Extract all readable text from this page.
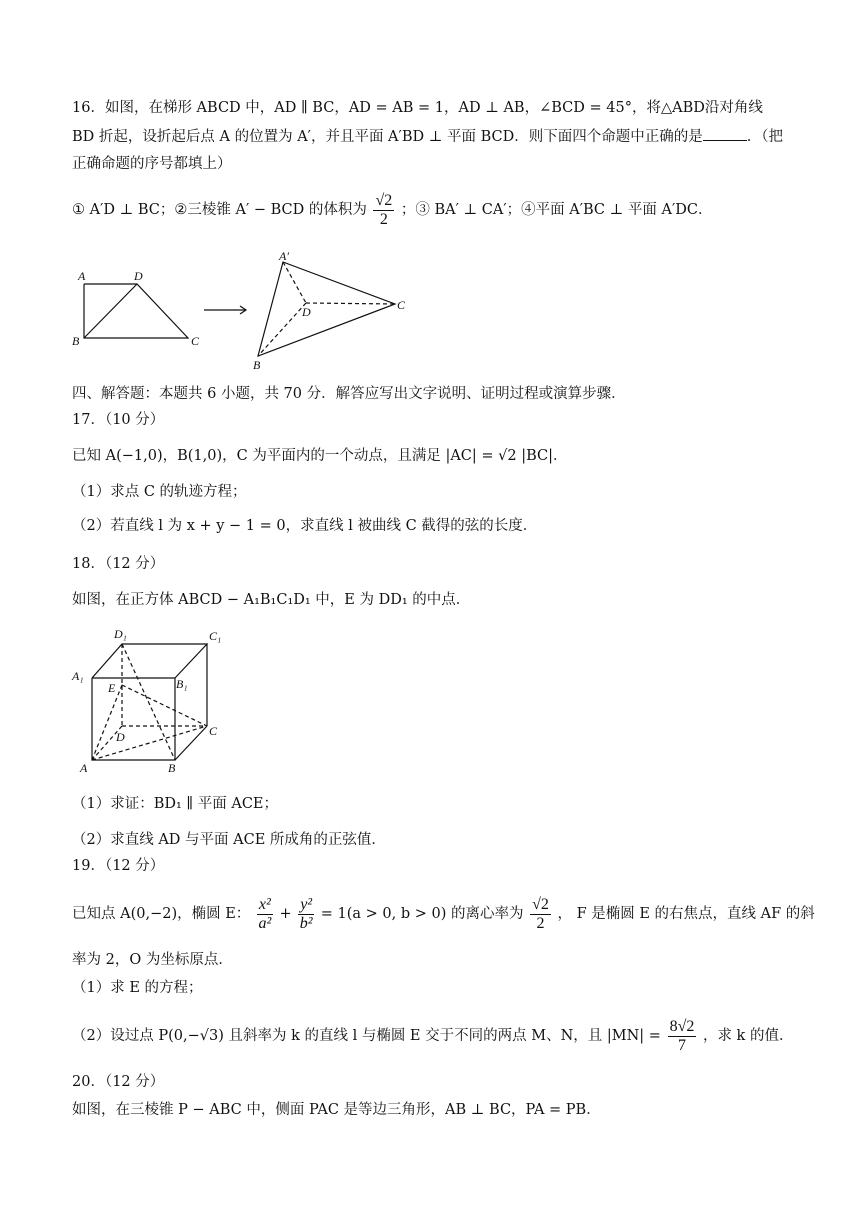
16．如图，在梯形 ABCD 中，AD ∥ BC，AD = AB = 1，AD ⊥ AB，∠BCD = 45°，将△ABD沿对角线
BD 折起，设折起后点 A 的位置为 A′，并且平面 A′BD ⊥ 平面 BCD．则下面四个命题中正确的是	．（把
正确命题的序号都填上）
① A′D ⊥ BC；②三棱锥 A′ − BCD 的体积为 $\frac{√2}{2}$ ；③ BA′ ⊥ CA′；④平面 A′BC ⊥ 平面 A′DC．
A	D
B	C
A′
D	C
B
四、解答题：本题共 6 小题，共 70 分．解答应写出文字说明、证明过程或演算步骤．
17．（10 分）
已知 A(−1,0)，B(1,0)，C 为平面内的一个动点，且满足 |AC| = √2 |BC|．
（1）求点 C 的轨迹方程；
（2）若直线 l 为 x + y − 1 = 0，求直线 l 被曲线 C 截得的弦的长度．
18．（12 分）
如图，在正方体 ABCD − A₁B₁C₁D₁ 中，E 为 DD₁ 的中点．
D₁	C₁
A₁
B₁
E
D	C
A	B
（1）求证：BD₁ ∥ 平面 ACE；
（2）求直线 AD 与平面 ACE 所成角的正弦值．
19．（12 分）
已知点 A(0,−2)，椭圆 E： $\frac{\text{x²}}{\text{a²}} + \frac{\text{y²}}{\text{b²}} = 1(a > 0$, b > 0) 的离心率为 $\frac{√2}{2}$ ， F 是椭圆 E 的右焦点，直线 AF 的斜
率为 2，O 为坐标原点．
（1）求 E 的方程；
（2）设过点 P(0,−√3) 且斜率为 k 的直线 l 与椭圆 E 交于不同的两点 M、N，且 $|MN| = \frac{8√2}{7}$ ，求 k 的值．
20．（12 分）
如图，在三棱锥 P − ABC 中，侧面 PAC 是等边三角形，AB ⊥ BC，PA = PB．
